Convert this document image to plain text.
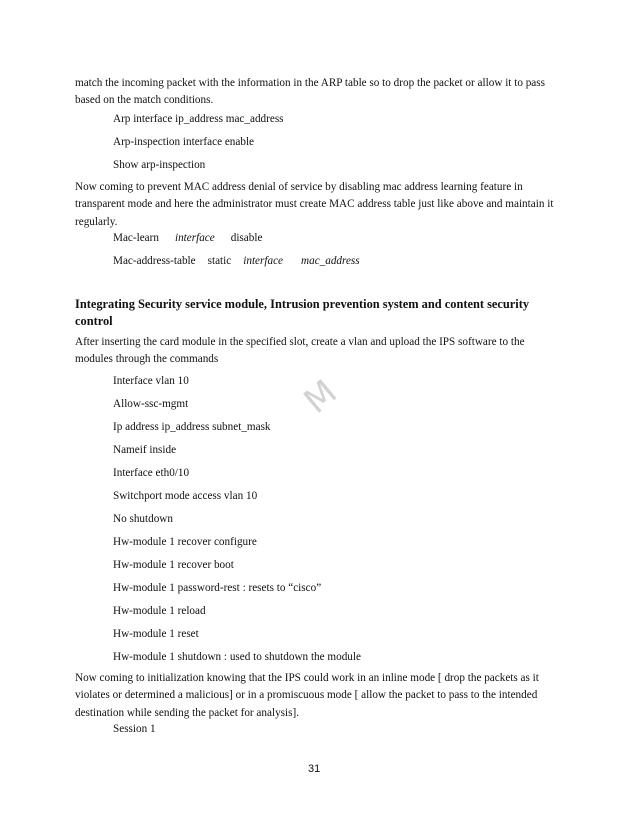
match the incoming packet with the information in the ARP table so to drop the packet or allow it to pass based on the match conditions.

Arp interface ip_address mac_address

Arp-inspection interface enable

Show arp-inspection

Now coming to prevent MAC address denial of service by disabling mac address learning feature in transparent mode and here the administrator must create MAC address table just like above and maintain it regularly.

Mac-learn interface disable

Mac-address-table static interface mac_address

Integrating Security service module, Intrusion prevention system and content security control

After inserting the card module in the specified slot, create a vlan and upload the IPS software to the modules through the commands

Interface vlan 10

Allow-ssc-mgmt

Ip address ip_address subnet_mask

Nameif inside

Interface eth0/10

Switchport mode access vlan 10

No shutdown

Hw-module 1 recover configure

Hw-module 1 recover boot

Hw-module 1 password-rest : resets to “cisco”

Hw-module 1 reload

Hw-module 1 reset

Hw-module 1 shutdown : used to shutdown the module

Now coming to initialization knowing that the IPS could work in an inline mode [ drop the packets as it violates or determined a malicious] or in a promiscuous mode [ allow the packet to pass to the intended destination while sending the packet for analysis].

Session 1

M
31
